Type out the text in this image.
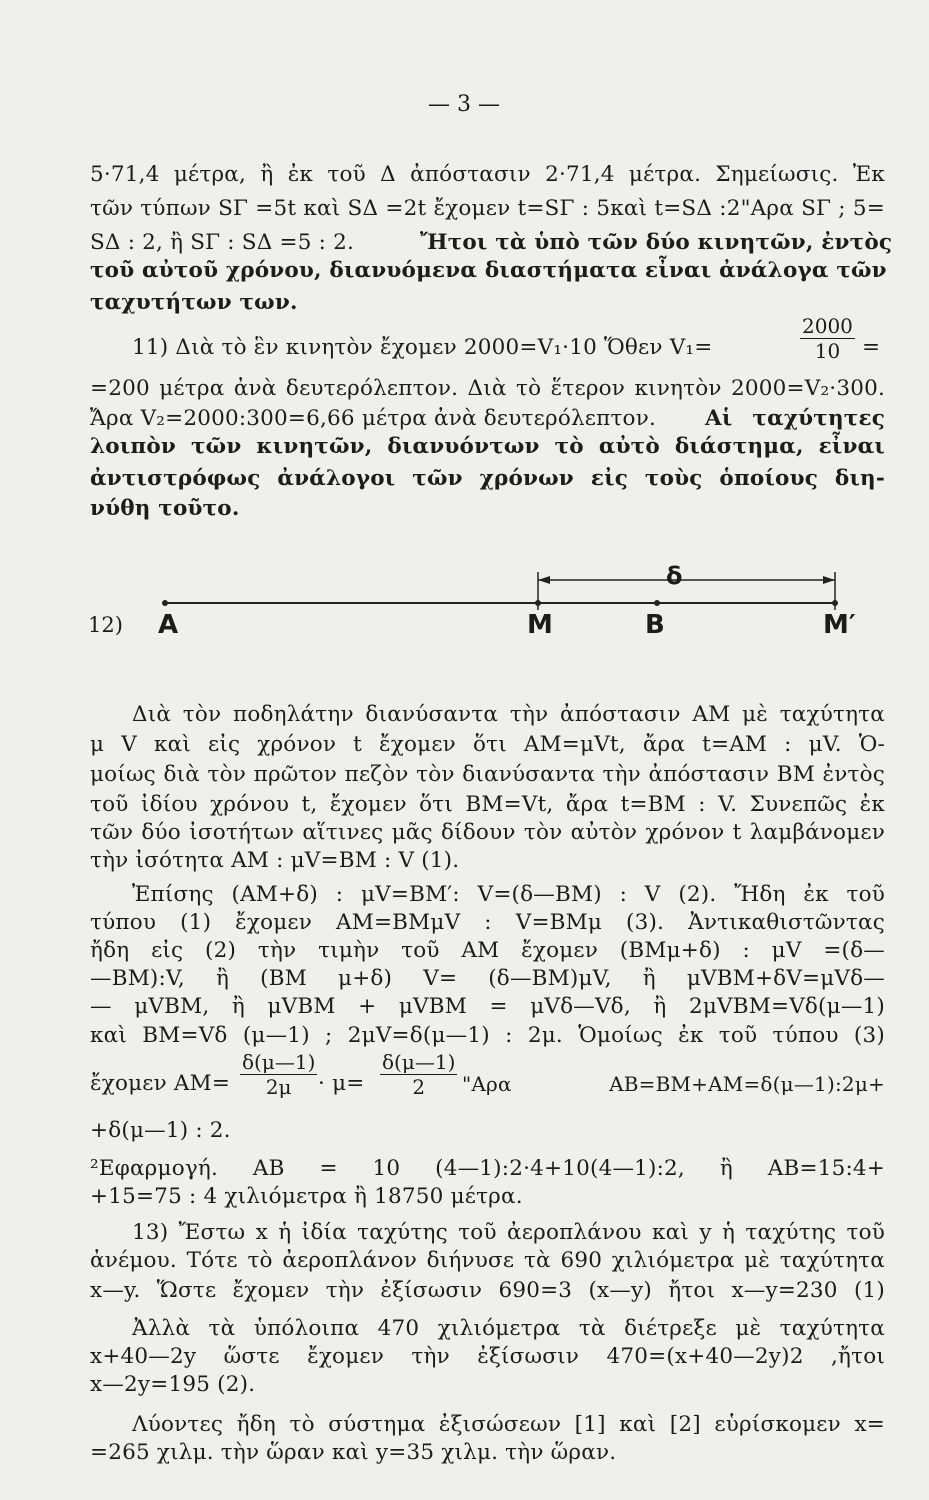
— 3 —
5·71,4 μέτρα, ἢ ἐκ τοῦ Δ ἀπόστασιν 2·71,4 μέτρα. Σημείωσις. Ἐκ
τῶν τύπων SΓ =5t καὶ SΔ =2t ἔχομεν t=SΓ : 5καὶ t=SΔ :2"Αρα SΓ ; 5=
SΔ : 2, ἢ SΓ : SΔ =5 : 2.	Ἤτοι τὰ ὑπὸ τῶν δύο κινητῶν, ἐντὸς
τοῦ αὐτοῦ χρόνου, διανυόμενα διαστήματα εἶναι ἀνάλογα τῶν
ταχυτήτων των.
11) Διὰ τὸ ἓν κινητὸν ἔχομεν 2000=V₁·10 Ὅθεν V₁=	$\frac{2000}{10}$ =
=200 μέτρα ἀνὰ δευτερόλεπτον. Διὰ τὸ ἕτερον κινητὸν 2000=V₂·300.
Ἄρα V₂=2000:300=6,66 μέτρα ἀνὰ δευτερόλεπτον. Αἱ ταχύτητες
λοιπὸν τῶν κινητῶν, διανυόντων τὸ αὐτὸ διάστημα, εἶναι
ἀντιστρόφως ἀνάλογοι τῶν χρόνων εἰς τοὺς ὁποίους διη-
νύθη τοῦτο.
δ
12) A	M	B	M′
Διὰ τὸν ποδηλάτην διανύσαντα τὴν ἀπόστασιν ΑΜ μὲ ταχύτητα
μ V καὶ εἰς χρόνον t ἔχομεν ὅτι ΑΜ=μVt, ἄρα t=ΑΜ : μV. Ὁ-
μοίως διὰ τὸν πρῶτον πεζὸν τὸν διανύσαντα τὴν ἀπόστασιν ΒΜ ἐντὸς
τοῦ ἰδίου χρόνου t, ἔχομεν ὅτι ΒΜ=Vt, ἄρα t=ΒΜ : V. Συνεπῶς ἐκ
τῶν δύο ἰσοτήτων αἵτινες μᾶς δίδουν τὸν αὐτὸν χρόνον t λαμβάνομεν
τὴν ἰσότητα ΑΜ : μV=ΒΜ : V (1).
Ἐπίσης (ΑΜ+δ) : μV=ΒΜ′: V=(δ—ΒΜ) : V (2). Ἤδη ἐκ τοῦ
τύπου (1) ἔχομεν ΑΜ=ΒΜμV : V=ΒΜμ (3). Ἀντικαθιστῶντας
ἤδη εἰς (2) τὴν τιμὴν τοῦ ΑΜ ἔχομεν (ΒΜμ+δ) : μV =(δ—
—ΒΜ):V, ἢ (ΒΜ μ+δ) V= (δ—ΒΜ)μV, ἢ μVΒΜ+δV=μVδ—
— μVΒΜ, ἢ μVΒΜ + μVΒΜ = μVδ—Vδ, ἢ 2μVΒΜ=Vδ(μ—1)
καὶ ΒΜ=Vδ (μ—1) ; 2μV=δ(μ—1) : 2μ. Ὁμοίως ἐκ τοῦ τύπου (3)
ἔχομεν $AM= \frac{\delta(\mu—1)}{2\mu} \cdot \mu= \frac{\delta(\mu—1)}{2}$ "Αρα ΑΒ=ΒΜ+ΑΜ=δ(μ—1):2μ+
+δ(μ—1) : 2.
²Εφαρμογή. ΑΒ = 10 (4—1):2·4+10(4—1):2, ἢ ΑΒ=15:4+
+15=75 : 4 χιλιόμετρα ἢ 18750 μέτρα.
13) Ἔστω x ἡ ἰδία ταχύτης τοῦ ἀεροπλάνου καὶ y ἡ ταχύτης τοῦ
ἀνέμου. Τότε τὸ ἀεροπλάνον διήνυσε τὰ 690 χιλιόμετρα μὲ ταχύτητα
x—y. Ὥστε ἔχομεν τὴν ἐξίσωσιν 690=3 (x—y) ἤτοι x—y=230 (1)
Ἀλλὰ τὰ ὑπόλοιπα 470 χιλιόμετρα τὰ διέτρεξε μὲ ταχύτητα
x+40—2y ὥστε ἔχομεν τὴν ἐξίσωσιν 470=(x+40—2y)2 ,ἤτοι
x—2y=195 (2).
Λύοντες ἤδη τὸ σύστημα ἐξισώσεων [1] καὶ [2] εὑρίσκομεν x=
=265 χιλμ. τὴν ὥραν καὶ y=35 χιλμ. τὴν ὥραν.
